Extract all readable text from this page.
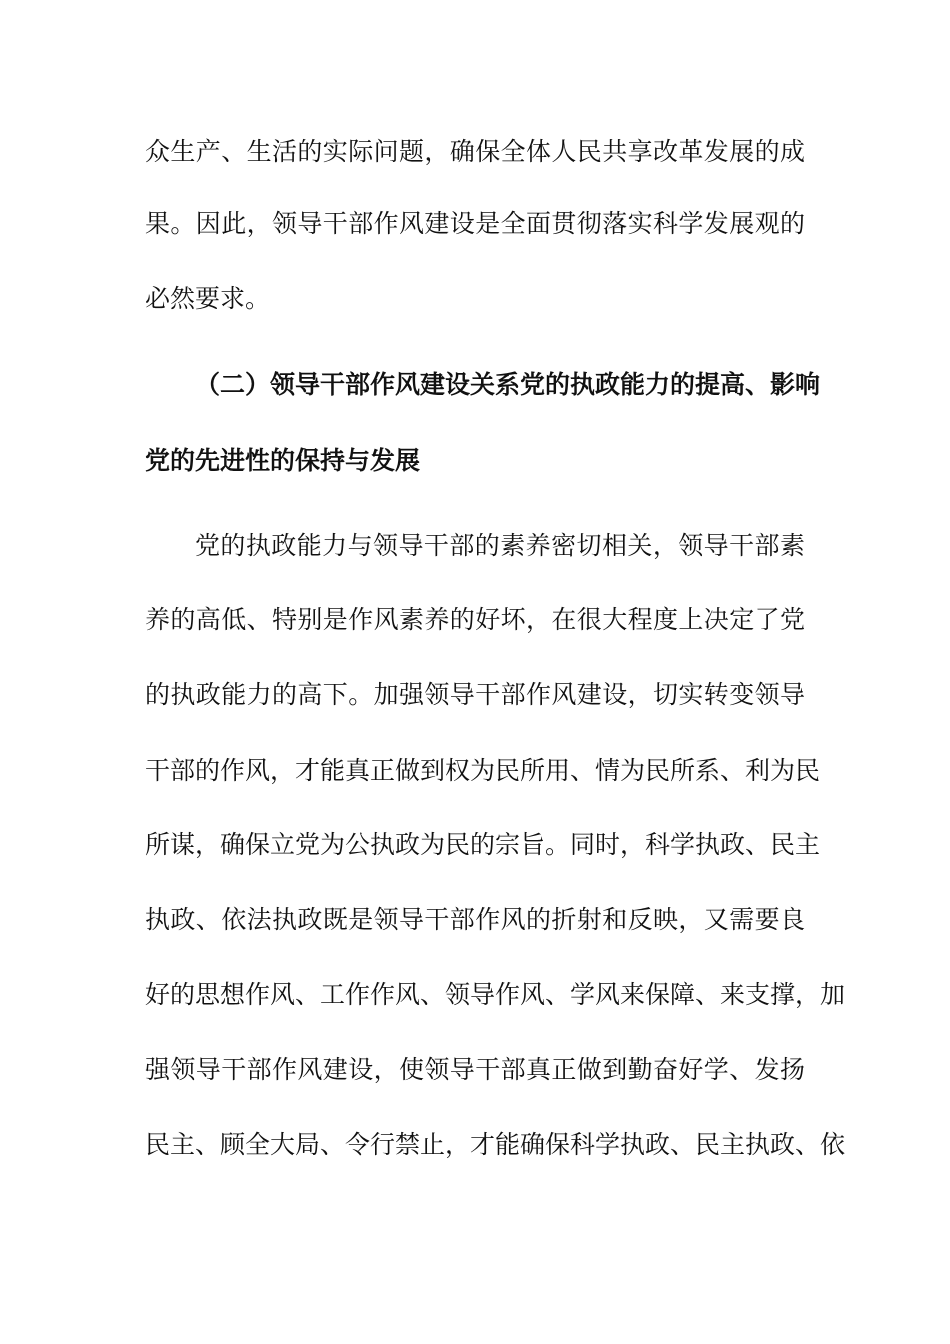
众生产、生活的实际问题，确保全体人民共享改革发展的成
果。因此，领导干部作风建设是全面贯彻落实科学发展观的
必然要求。
（二）领导干部作风建设关系党的执政能力的提高、影响
党的先进性的保持与发展
党的执政能力与领导干部的素养密切相关，领导干部素
养的高低、特别是作风素养的好坏，在很大程度上决定了党
的执政能力的高下。加强领导干部作风建设，切实转变领导
干部的作风，才能真正做到权为民所用、情为民所系、利为民
所谋，确保立党为公执政为民的宗旨。同时，科学执政、民主
执政、依法执政既是领导干部作风的折射和反映，又需要良
好的思想作风、工作作风、领导作风、学风来保障、来支撑，加
强领导干部作风建设，使领导干部真正做到勤奋好学、发扬
民主、顾全大局、令行禁止，才能确保科学执政、民主执政、依
